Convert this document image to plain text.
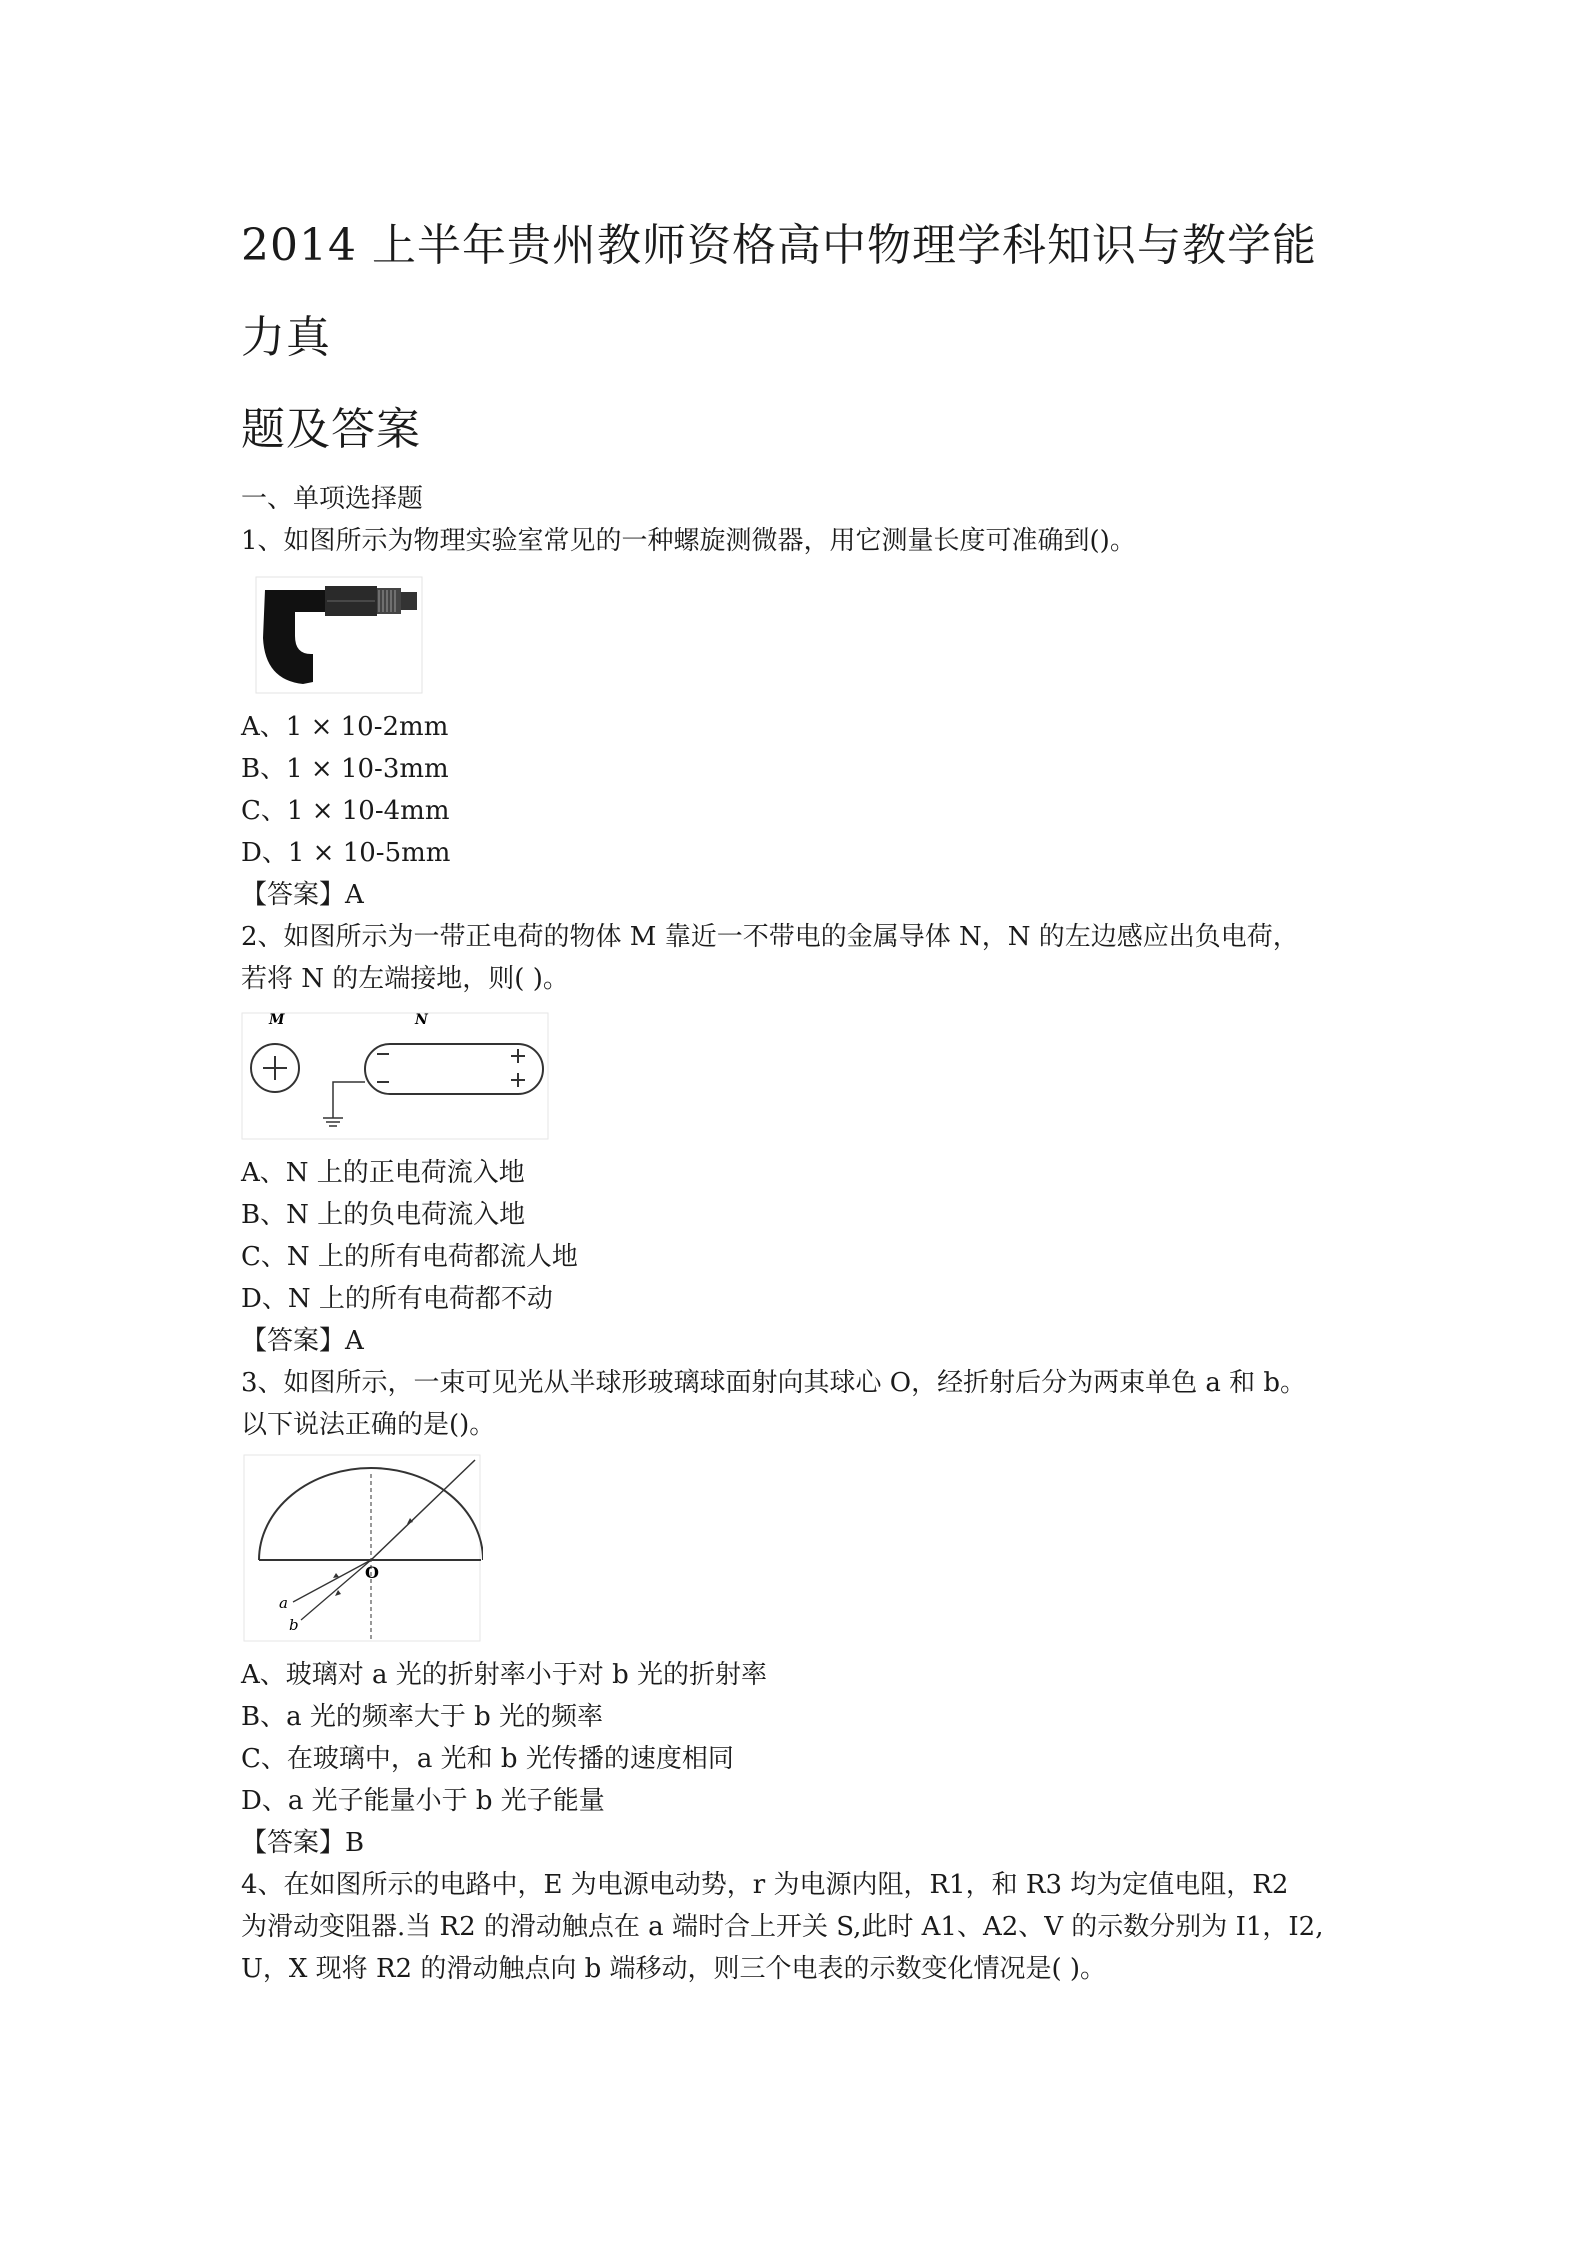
2014 上半年贵州教师资格高中物理学科知识与教学能力真
题及答案
一、单项选择题
1、如图所示为物理实验室常见的一种螺旋测微器，用它测量长度可准确到()。
A、1 × 10-2mm
B、1 × 10-3mm
C、1 × 10-4mm
D、1 × 10-5mm
【答案】A
2、如图所示为一带正电荷的物体 M 靠近一不带电的金属导体 N，N 的左边感应出负电荷，
若将 N 的左端接地，则( )。
M	N
A、N 上的正电荷流入地
B、N 上的负电荷流入地
C、N 上的所有电荷都流人地
D、N 上的所有电荷都不动
【答案】A
3、如图所示，一束可见光从半球形玻璃球面射向其球心 O，经折射后分为两束单色 a 和 b。
以下说法正确的是()。
O
a
b
A、玻璃对 a 光的折射率小于对 b 光的折射率
B、a 光的频率大于 b 光的频率
C、在玻璃中，a 光和 b 光传播的速度相同
D、a 光子能量小于 b 光子能量
【答案】B
4、在如图所示的电路中，E 为电源电动势，r 为电源内阻，R1，和 R3 均为定值电阻，R2
为滑动变阻器.当 R2 的滑动触点在 a 端时合上开关 S,此时 A1、A2、V 的示数分别为 I1，I2,
U，X 现将 R2 的滑动触点向 b 端移动，则三个电表的示数变化情况是( )。
